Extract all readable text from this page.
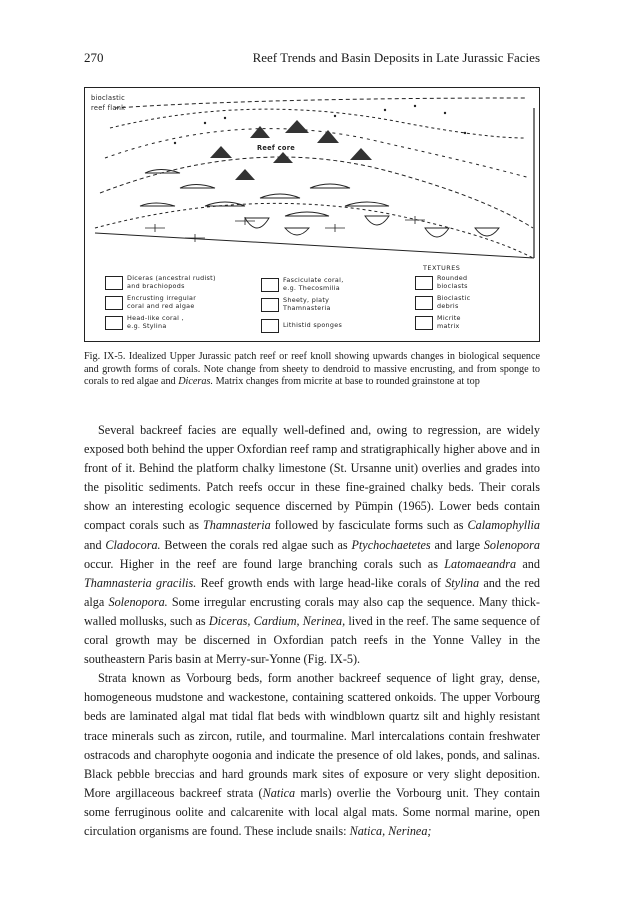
270	Reef Trends and Basin Deposits in Late Jurassic Facies
bioclastic
reef flank
Reef core
Diceras (ancestral rudist)
and brachiopods
Encrusting irregular
coral and red algae
Head-like coral ,
e.g. Stylina
Fasciculate coral,
e.g. Thecosmilia
Sheety, platy
Thamnasteria
Lithistid sponges
TEXTURES
Rounded
bioclasts
Bioclastic
debris
Micrite
matrix
Fig. IX-5. Idealized Upper Jurassic patch reef or reef knoll showing upwards changes in biological sequence and growth forms of corals. Note change from sheety to dendroid to massive encrusting, and from sponge to corals to red algae and Diceras. Matrix changes from micrite at base to rounded grainstone at top

Several backreef facies are equally well-defined and, owing to regression, are widely exposed both behind the upper Oxfordian reef ramp and stratigraphically higher above and in front of it. Behind the platform chalky limestone (St. Ursanne unit) overlies and grades into the pisolitic sediments. Patch reefs occur in these fine-grained chalky beds. Their corals show an interesting ecologic sequence discerned by Pümpin (1965). Lower beds contain compact corals such as Thamnasteria followed by fasciculate forms such as Calamophyllia and Cladocora. Between the corals red algae such as Ptychochaetetes and large Solenopora occur. Higher in the reef are found large branching corals such as Latomaeandra and Thamnasteria gracilis. Reef growth ends with large head-like corals of Stylina and the red alga Solenopora. Some irregular encrusting corals may also cap the sequence. Many thick-walled mollusks, such as Diceras, Cardium, Nerinea, lived in the reef. The same sequence of coral growth may be discerned in Oxfordian patch reefs in the Yonne Valley in the southeastern Paris basin at Merry-sur-Yonne (Fig. IX-5).

Strata known as Vorbourg beds, form another backreef sequence of light gray, dense, homogeneous mudstone and wackestone, containing scattered onkoids. The upper Vorbourg beds are laminated algal mat tidal flat beds with windblown quartz silt and highly resistant trace minerals such as zircon, rutile, and tourmaline. Marl intercalations contain freshwater ostracods and charophyte oogonia and indicate the presence of old lakes, ponds, and salinas. Black pebble breccias and hard grounds mark sites of exposure or very slight deposition. More argillaceous backreef strata (Natica marls) overlie the Vorbourg unit. They contain some ferruginous oolite and calcarenite with local algal mats. Some normal marine, open circulation organisms are found. These include snails: Natica, Nerinea;
